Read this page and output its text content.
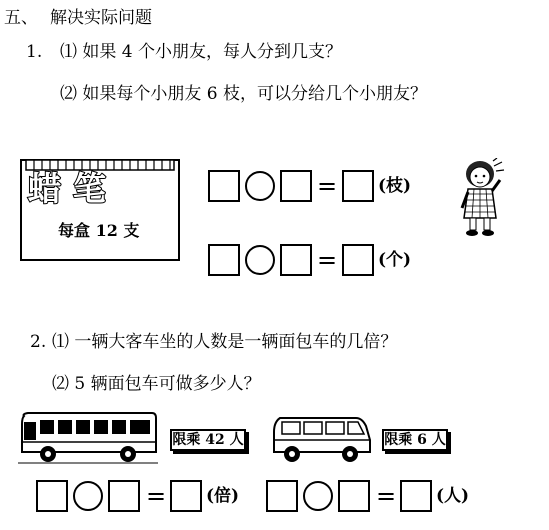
五、 解决实际问题
1. ⑴ 如果 4 个小朋友，每人分到几支？
⑵ 如果每个小朋友 6 枝，可以分给几个小朋友？
蜡笔
每盒 12 支
= (枝)
= (个)
2. ⑴ 一辆大客车坐的人数是一辆面包车的几倍？
⑵ 5 辆面包车可做多少人？
限乘 42 人	限乘 6 人
= (倍)	= (人)
